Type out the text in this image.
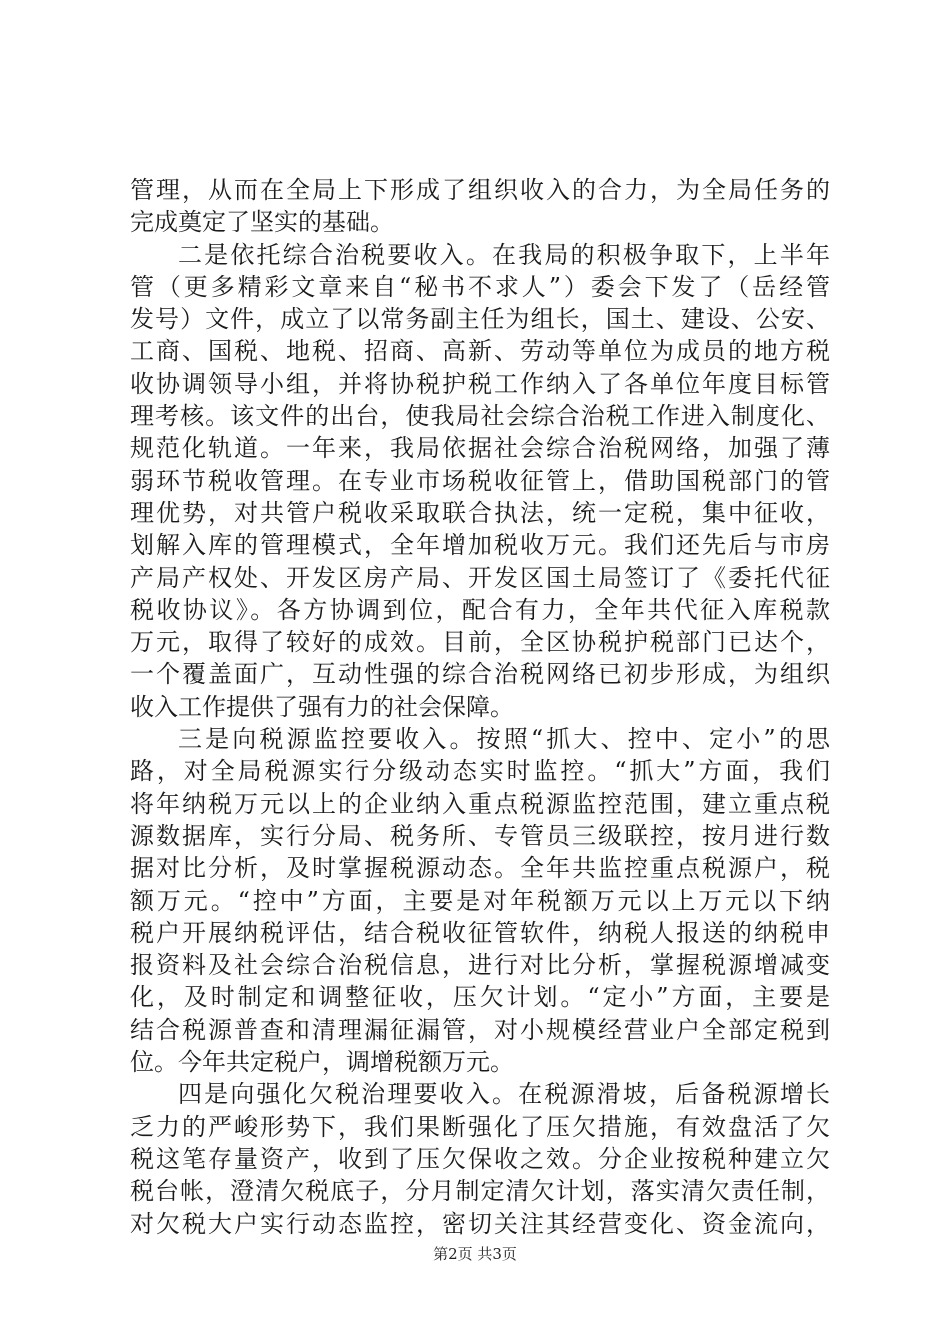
管理，从而在全局上下形成了组织收入的合力，为全局任务的
完成奠定了坚实的基础。
二是依托综合治税要收入。在我局的积极争取下，上半年
管（更多精彩文章来自“秘书不求人”）委会下发了（岳经管
发号）文件，成立了以常务副主任为组长，国土、建设、公安、
工商、国税、地税、招商、高新、劳动等单位为成员的地方税
收协调领导小组，并将协税护税工作纳入了各单位年度目标管
理考核。该文件的出台，使我局社会综合治税工作进入制度化、
规范化轨道。一年来，我局依据社会综合治税网络，加强了薄
弱环节税收管理。在专业市场税收征管上，借助国税部门的管
理优势，对共管户税收采取联合执法，统一定税，集中征收，
划解入库的管理模式，全年增加税收万元。我们还先后与市房
产局产权处、开发区房产局、开发区国土局签订了《委托代征
税收协议》。各方协调到位，配合有力，全年共代征入库税款
万元，取得了较好的成效。目前，全区协税护税部门已达个，
一个覆盖面广，互动性强的综合治税网络已初步形成，为组织
收入工作提供了强有力的社会保障。
三是向税源监控要收入。按照“抓大、控中、定小”的思
路，对全局税源实行分级动态实时监控。“抓大”方面，我们
将年纳税万元以上的企业纳入重点税源监控范围，建立重点税
源数据库，实行分局、税务所、专管员三级联控，按月进行数
据对比分析，及时掌握税源动态。全年共监控重点税源户，税
额万元。“控中”方面，主要是对年税额万元以上万元以下纳
税户开展纳税评估，结合税收征管软件，纳税人报送的纳税申
报资料及社会综合治税信息，进行对比分析，掌握税源增减变
化，及时制定和调整征收，压欠计划。“定小”方面，主要是
结合税源普查和清理漏征漏管，对小规模经营业户全部定税到
位。今年共定税户，调增税额万元。
四是向强化欠税治理要收入。在税源滑坡，后备税源增长
乏力的严峻形势下，我们果断强化了压欠措施，有效盘活了欠
税这笔存量资产，收到了压欠保收之效。分企业按税种建立欠
税台帐，澄清欠税底子，分月制定清欠计划，落实清欠责任制，
对欠税大户实行动态监控，密切关注其经营变化、资金流向，
第2页 共3页
